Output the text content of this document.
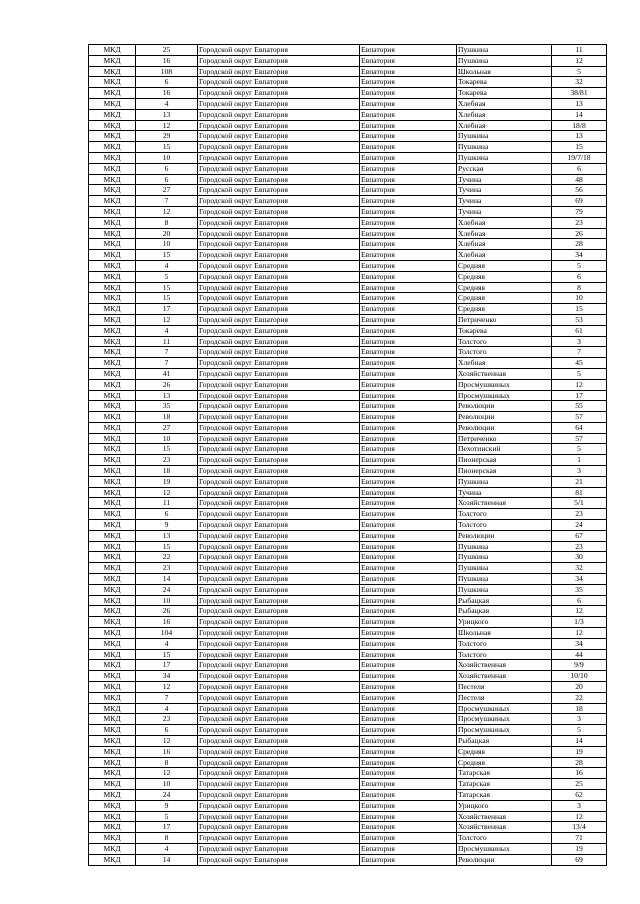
МКД	25	Городской округ Евпатория	Евпатория	Пушкина	11
МКД	16	Городской округ Евпатория	Евпатория	Пушкина	12
МКД	108	Городской округ Евпатория	Евпатория	Школьная	5
МКД	6	Городской округ Евпатория	Евпатория	Токарева	32
МКД	16	Городской округ Евпатория	Евпатория	Токарева	38/81
МКД	4	Городской округ Евпатория	Евпатория	Хлебная	13
МКД	13	Городской округ Евпатория	Евпатория	Хлебная	14
МКД	12	Городской округ Евпатория	Евпатория	Хлебная	18/8
МКД	29	Городской округ Евпатория	Евпатория	Пушкина	13
МКД	15	Городской округ Евпатория	Евпатория	Пушкина	15
МКД	10	Городской округ Евпатория	Евпатория	Пушкина	19/7/18
МКД	6	Городской округ Евпатория	Евпатория	Русская	6
МКД	6	Городской округ Евпатория	Евпатория	Тучина	48
МКД	27	Городской округ Евпатория	Евпатория	Тучина	56
МКД	7	Городской округ Евпатория	Евпатория	Тучина	69
МКД	12	Городской округ Евпатория	Евпатория	Тучина	79
МКД	8	Городской округ Евпатория	Евпатория	Хлебная	23
МКД	20	Городской округ Евпатория	Евпатория	Хлебная	26
МКД	10	Городской округ Евпатория	Евпатория	Хлебная	28
МКД	15	Городской округ Евпатория	Евпатория	Хлебная	34
МКД	4	Городской округ Евпатория	Евпатория	Средняя	5
МКД	5	Городской округ Евпатория	Евпатория	Средняя	6
МКД	15	Городской округ Евпатория	Евпатория	Средняя	8
МКД	15	Городской округ Евпатория	Евпатория	Средняя	10
МКД	17	Городской округ Евпатория	Евпатория	Средняя	15
МКД	12	Городской округ Евпатория	Евпатория	Петриченко	53
МКД	4	Городской округ Евпатория	Евпатория	Токарева	61
МКД	11	Городской округ Евпатория	Евпатория	Толстого	3
МКД	7	Городской округ Евпатория	Евпатория	Толстого	7
МКД	7	Городской округ Евпатория	Евпатория	Хлебная	45
МКД	41	Городской округ Евпатория	Евпатория	Хозяйственная	5
МКД	26	Городской округ Евпатория	Евпатория	Просмушкиных	12
МКД	13	Городской округ Евпатория	Евпатория	Просмушкиных	17
МКД	35	Городской округ Евпатория	Евпатория	Революции	55
МКД	18	Городской округ Евпатория	Евпатория	Революции	57
МКД	27	Городской округ Евпатория	Евпатория	Революции	64
МКД	10	Городской округ Евпатория	Евпатория	Петриченко	57
МКД	15	Городской округ Евпатория	Евпатория	Пехотинский	5
МКД	23	Городской округ Евпатория	Евпатория	Пионерская	1
МКД	18	Городской округ Евпатория	Евпатория	Пионерская	3
МКД	19	Городской округ Евпатория	Евпатория	Пушкина	21
МКД	12	Городской округ Евпатория	Евпатория	Тучина	81
МКД	11	Городской округ Евпатория	Евпатория	Хозяйственная	5/1
МКД	6	Городской округ Евпатория	Евпатория	Толстого	23
МКД	9	Городской округ Евпатория	Евпатория	Толстого	24
МКД	13	Городской округ Евпатория	Евпатория	Революции	67
МКД	15	Городской округ Евпатория	Евпатория	Пушкина	23
МКД	22	Городской округ Евпатория	Евпатория	Пушкина	30
МКД	23	Городской округ Евпатория	Евпатория	Пушкина	32
МКД	14	Городской округ Евпатория	Евпатория	Пушкина	34
МКД	24	Городской округ Евпатория	Евпатория	Пушкина	35
МКД	10	Городской округ Евпатория	Евпатория	Рыбацкая	6
МКД	26	Городской округ Евпатория	Евпатория	Рыбацкая	12
МКД	16	Городской округ Евпатория	Евпатория	Урицкого	1/3
МКД	104	Городской округ Евпатория	Евпатория	Школьная	12
МКД	4	Городской округ Евпатория	Евпатория	Толстого	34
МКД	15	Городской округ Евпатория	Евпатория	Толстого	44
МКД	17	Городской округ Евпатория	Евпатория	Хозяйственная	9/9
МКД	34	Городской округ Евпатория	Евпатория	Хозяйственная	10/10
МКД	12	Городской округ Евпатория	Евпатория	Пестеля	20
МКД	7	Городской округ Евпатория	Евпатория	Пестеля	22
МКД	4	Городской округ Евпатория	Евпатория	Просмушкиных	18
МКД	23	Городской округ Евпатория	Евпатория	Просмушкиных	3
МКД	6	Городской округ Евпатория	Евпатория	Просмушкиных	5
МКД	12	Городской округ Евпатория	Евпатория	Рыбацкая	14
МКД	16	Городской округ Евпатория	Евпатория	Средняя	19
МКД	8	Городской округ Евпатория	Евпатория	Средняя	28
МКД	12	Городской округ Евпатория	Евпатория	Татарская	16
МКД	10	Городской округ Евпатория	Евпатория	Татарская	25
МКД	24	Городской округ Евпатория	Евпатория	Татарская	62
МКД	9	Городской округ Евпатория	Евпатория	Урицкого	3
МКД	5	Городской округ Евпатория	Евпатория	Хозяйственная	12
МКД	17	Городской округ Евпатория	Евпатория	Хозяйственная	13/4
МКД	8	Городской округ Евпатория	Евпатория	Толстого	71
МКД	4	Городской округ Евпатория	Евпатория	Просмушкиных	19
МКД	14	Городской округ Евпатория	Евпатория	Революции	69
